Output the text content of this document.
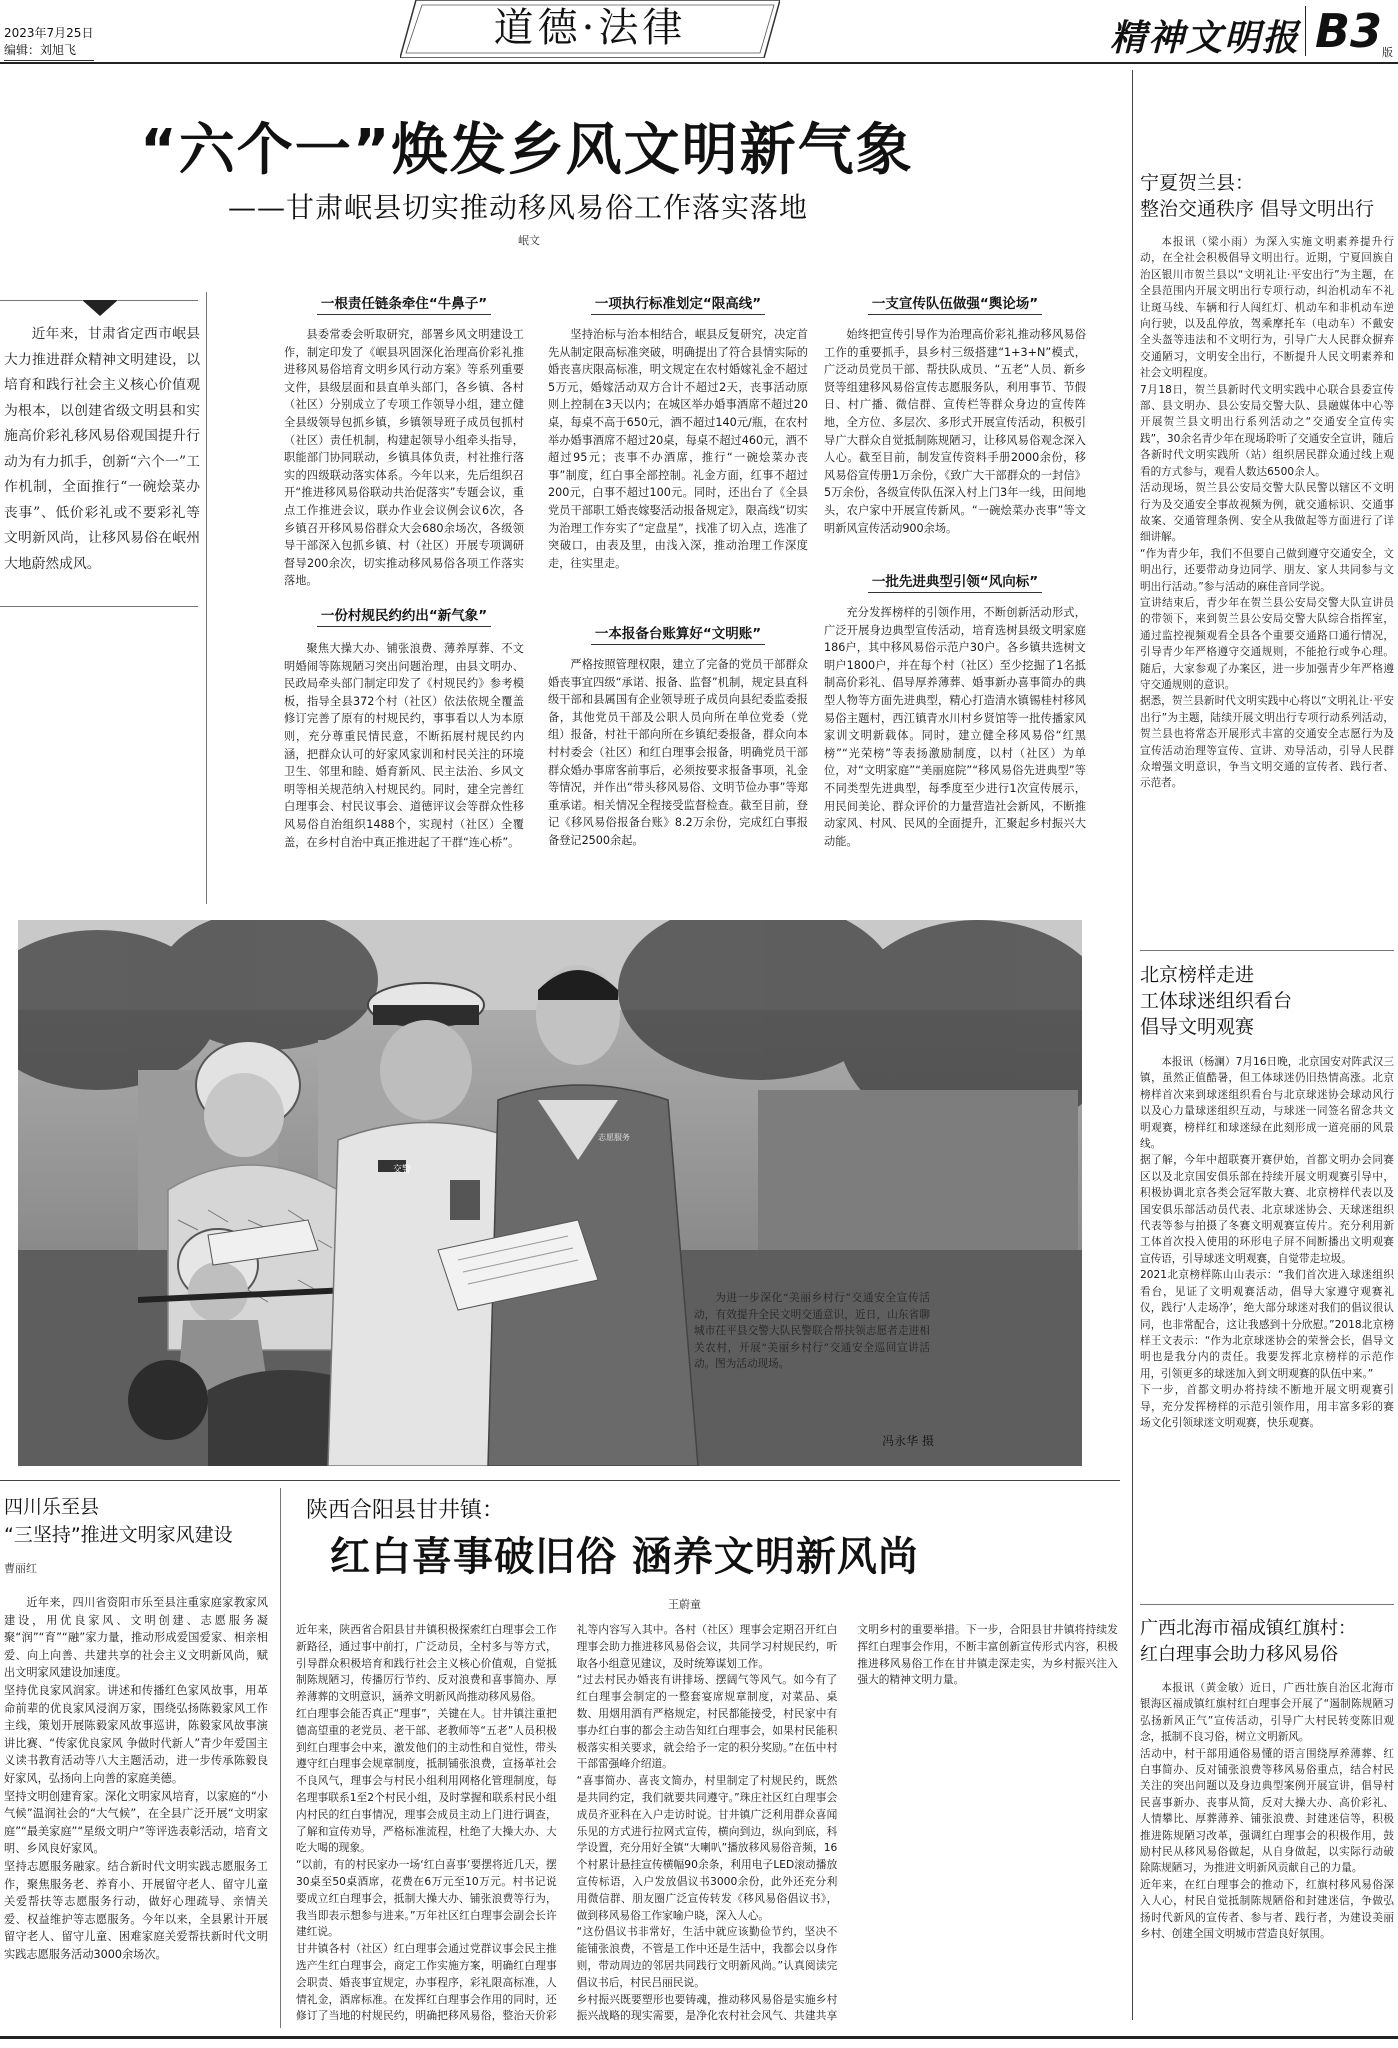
2023年7月25日
编辑：刘旭飞	道德·法律	精神文明报 B3 版
“六个一”焕发乡风文明新气象
——甘肃岷县切实推动移风易俗工作落实落地
岷文
近年来，甘肃省定西市岷县大力推进群众精神文明建设，以培育和践行社会主义核心价值观为根本，以创建省级文明县和实施高价彩礼移风易俗观国提升行动为有力抓手，创新“六个一”工作机制，全面推行“一碗烩菜办丧事”、低价彩礼或不要彩礼等文明新风尚，让移风易俗在岷州大地蔚然成风。
一根责任链条牵住“牛鼻子”

县委常委会听取研究，部署乡风文明建设工作，制定印发了《岷县巩固深化治理高价彩礼推进移风易俗培育文明乡风行动方案》等系列重要文件，县级层面和县直单头部门，各乡镇、各村（社区）分别成立了专项工作领导小组，建立健全县级领导包抓乡镇，乡镇领导班子成员包抓村（社区）责任机制，构建起领导小组牵头指导，职能部门协同联动，乡镇具体负责，村社推行落实的四级联动落实体系。今年以来，先后组织召开“推进移风易俗联动共治促落实”专题会议，重点工作推进会议，联办作业会议例会议6次，各乡镇召开移风易俗群众大会680余场次，各级领导干部深入包抓乡镇、村（社区）开展专项调研督导200余次，切实推动移风易俗各项工作落实落地。

一份村规民约约出“新气象”

聚焦大操大办、铺张浪费、薄养厚葬、不文明婚闹等陈规陋习突出问题治理，由县文明办、民政局牵头部门制定印发了《村规民约》参考模板，指导全县372个村（社区）依法依规全覆盖修订完善了原有的村规民约，事事看以人为本原则，充分尊重民情民意，不断拓展村规民约内涵，把群众认可的好家风家训和村民关注的环境卫生、邻里和睦、婚育新风、民主法治、乡风文明等相关规范纳入村规民约。同时，建全完善红白理事会、村民议事会、道德评议会等群众性移风易俗自治组织1488个，实现村（社区）全覆盖，在乡村自治中真正推进起了干群“连心桥”。

一项执行标准划定“限高线”

坚持治标与治本相结合，岷县反复研究，决定首先从制定限高标准突破，明确提出了符合县情实际的婚丧喜庆限高标准，明文规定在农村婚嫁礼金不超过5万元，婚嫁活动双方合计不超过2天，丧事活动原则上控制在3天以内；在城区举办婚事酒席不超过20桌，每桌不高于650元，酒不超过140元/瓶，在农村举办婚事酒席不超过20桌，每桌不超过460元，酒不超过95元；丧事不办酒席，推行“一碗烩菜办丧事”制度，红白事全部控制。礼金方面，红事不超过200元，白事不超过100元。同时，还出台了《全县党员干部职工婚丧嫁娶活动报备规定》，限高线“切实为治理工作夯实了“定盘星”，找准了切入点，选准了突破口，由表及里，由浅入深，推动治理工作深度走，往实里走。

一本报备台账算好“文明账”

严格按照管理权限，建立了完备的党员干部群众婚丧事宜四级“承诺、报备、监督”机制，规定县直科级干部和县属国有企业领导班子成员向县纪委监委报备，其他党员干部及公职人员向所在单位党委（党组）报备，村社干部向所在乡镇纪委报备，群众向本村村委会（社区）和红白理事会报备，明确党员干部群众婚办事席客前事后，必须按要求报备事项，礼金等情况，并作出“带头移风易俗、文明节俭办事”等郑重承诺。相关情况全程接受监督检查。截至目前，登记《移风易俗报备台账》8.2万余份，完成红白事报备登记2500余起。

一支宣传队伍做强“舆论场”

始终把宣传引导作为治理高价彩礼推动移风易俗工作的重要抓手，县乡村三级搭建“1+3+N”模式，广泛动员党员干部、帮扶队成员、“五老”人员、新乡贤等组建移风易俗宣传志愿服务队，利用事节、节假日、村广播、微信群、宣传栏等群众身边的宣传阵地，全方位、多层次、多形式开展宣传活动，积极引导广大群众自觉抵制陈规陋习，让移风易俗观念深入人心。截至目前，制发宣传资料手册2000余份，移风易俗宣传册1万余份，《致广大干部群众的一封信》5万余份，各级宣传队伍深入村上门3年一线，田间地头，农户家中开展宣传新风。“一碗烩菜办丧事”等文明新风宣传活动900余场。

一批先进典型引领“风向标”

充分发挥榜样的引领作用，不断创新活动形式，广泛开展身边典型宣传活动，培育选树县级文明家庭186户，其中移风易俗示范户30户。各乡镇共选树文明户1800户，并在每个村（社区）至少挖掘了1名抵制高价彩礼、倡导厚养薄葬、婚事新办喜事简办的典型人物等方面先进典型，精心打造清水镇锡桂村移风易俗主题村，西江镇青水川村乡贤馆等一批传播家风家训文明新载体。同时，建立健全移风易俗“红黑榜”“光荣榜”等表扬激励制度，以村（社区）为单位，对“文明家庭”“美丽庭院”“移风易俗先进典型”等不同类型先进典型，每季度至少进行1次宣传展示，用民间美论、群众评价的力量营造社会新风，不断推动家风、村风、民风的全面提升，汇聚起乡村振兴大动能。

交警
志愿服务
为进一步深化“美丽乡村行”交通安全宣传活动，有效提升全民文明交通意识，近日，山东省聊城市茌平县交警大队民警联合帮扶领志愿者走进相关农村，开展“美丽乡村行”交通安全巡回宣讲活动。图为活动现场。
冯永华 摄
四川乐至县
“三坚持”推进文明家风建设
曹丽红
近年来，四川省资阳市乐至县注重家庭家教家风建设，用优良家风、文明创建、志愿服务凝聚“润”“育”“融”家力量，推动形成爱国爱家、相亲相爱、向上向善、共建共享的社会主义文明新风尚，赋出文明家风建设加速度。
坚持优良家风润家。讲述和传播红色家风故事，用革命前辈的优良家风浸润万家，围绕弘扬陈毅家风工作主线，策划开展陈毅家风故事巡讲，陈毅家风故事演讲比赛、“传家优良家风 争做时代新人”青少年爱国主义读书教育活动等八大主题活动，进一步传承陈毅良好家风，弘扬向上向善的家庭美德。
坚持文明创建育家。深化文明家风培育，以家庭的“小气候”温润社会的“大气候”，在全县广泛开展“文明家庭”“最美家庭”“星级文明户”等评选表彰活动，培育文明、乡风良好家风。
坚持志愿服务融家。结合新时代文明实践志愿服务工作，聚焦服务老、养育小、开展留守老人、留守儿童关爱帮扶等志愿服务行动，做好心理疏导、亲情关爱、权益维护等志愿服务。今年以来，全县累计开展留守老人、留守儿童、困难家庭关爱帮扶新时代文明实践志愿服务活动3000余场次。
陕西合阳县甘井镇：
红白喜事破旧俗 涵养文明新风尚
王蔚童
近年来，陕西省合阳县甘井镇积极探索红白理事会工作新路径，通过事中前打，广泛动员，全村多与等方式，引导群众积极培育和践行社会主义核心价值观，自觉抵制陈规陋习，传播厉行节约、反对浪费和喜事简办、厚养薄葬的文明意识，涵养文明新风尚推动移风易俗。
红白理事会能否真正“理事”，关键在人。甘井镇注重把德高望重的老党员、老干部、老教师等“五老”人员积极到红白理事会中来，激发他们的主动性和自觉性，带头遵守红白理事会规章制度，抵制铺张浪费，宣扬革社会不良风气，理事会与村民小组利用网格化管理制度，每名理事联系1至2个村民小组，及时掌握和联系村民小组内村民的红白事情况，理事会成员主动上门进行调查，了解和宣传劝导，严格标准流程，杜绝了大操大办、大吃大喝的现象。
“以前，有的村民家办一场‘红白喜事’要摆将近几天，摆30桌至50桌酒席，花费在6万元至10万元。村书记说要成立红白理事会，抵制大操大办、铺张浪费等行为，我当即表示想参与进来。”万年社区红白理事会副会长许建红说。
甘井镇各村（社区）红白理事会通过党群议事会民主推选产生红白理事会，商定工作实施方案，明确红白理事会职责、婚丧事宜规定，办事程序，彩礼限高标准，人情礼金，酒席标准。在发挥红白理事会作用的同时，还修订了当地的村规民约，明确把移风易俗，整治天价彩礼等内容写入其中。各村（社区）理事会定期召开红白理事会助力推进移风易俗会议，共同学习村规民约，听取各小组意见建议，及时统筹谋划工作。
“过去村民办婚丧有讲排场、摆阔气等风气。如今有了红白理事会制定的一整套宴席规章制度，对菜品、桌数、用烟用酒有严格规定，村民都能接受，村民家中有事办红白事的都会主动告知红白理事会，如果村民能积极落实相关要求，就会给予一定的积分奖励。”在伍中村干部雷强峰介绍道。
“喜事简办、喜丧文简办，村里制定了村规民约，既然是共同约定，我们就要共同遵守。”珠庄社区红白理事会成员齐亚科在入户走访时说。甘井镇广泛利用群众喜闻乐见的方式进行拉网式宣传，横向到边，纵向到底，科学设置，充分用好全镇“大喇叭”播放移风易俗音频，16个村累计悬挂宣传横幅90余条，利用电子LED滚动播放宣传标语，入户发放倡议书3000余份，此外还充分利用微信群、朋友圈广泛宣传转发《移风易俗倡议书》，做到移风易俗工作家喻户晓，深入人心。
“这份倡议书非常好，生活中就应该勤俭节约，坚决不能铺张浪费，不管是工作中还是生活中，我都会以身作则，带动周边的邻居共同践行文明新风尚。”认真阅读完倡议书后，村民吕丽民说。
乡村振兴既要塑形也要铸魂，推动移风易俗是实施乡村振兴战略的现实需要，是净化农村社会风气、共建共享文明乡村的重要举措。下一步，合阳县甘井镇将持续发挥红白理事会作用，不断丰富创新宣传形式内容，积极推进移风易俗工作在甘井镇走深走实，为乡村振兴注入强大的精神文明力量。
宁夏贺兰县：
整治交通秩序 倡导文明出行
本报讯（梁小雨）为深入实施文明素养提升行动，在全社会积极倡导文明出行。近期，宁夏回族自治区银川市贺兰县以“文明礼让·平安出行”为主题，在全县范围内开展文明出行专项行动，纠治机动车不礼让斑马线、车辆和行人闯红灯、机动车和非机动车逆向行驶，以及乱停放，驾乘摩托车（电动车）不戴安全头盔等违法和不文明行为，引导广大人民群众摒弃交通陋习，文明安全出行，不断提升人民文明素养和社会文明程度。
7月18日，贺兰县新时代文明实践中心联合县委宣传部、县文明办、县公安局交警大队、县融媒体中心等开展贺兰县文明出行系列活动之“交通安全宣传实践”，30余名青少年在现场聆听了交通安全宣讲，随后各新时代文明实践所（站）组织居民群众通过线上观看的方式参与，观看人数达6500余人。
活动现场，贺兰县公安局交警大队民警以辖区不文明行为及交通安全事故视频为例，就交通标识、交通事故案、交通管理条例、安全从我做起等方面进行了详细讲解。
“作为青少年，我们不但要自己做到遵守交通安全，文明出行，还要带动身边同学、朋友、家人共同参与文明出行活动。”参与活动的麻佳音同学说。
宣讲结束后，青少年在贺兰县公安局交警大队宣讲员的带领下，来到贺兰县公安局交警大队综合指挥室，通过监控视频观看全县各个重要交通路口通行情况，引导青少年严格遵守交通规则，不能抢行或争心理。随后，大家参观了办案区，进一步加强青少年严格遵守交通规则的意识。
据悉，贺兰县新时代文明实践中心将以“文明礼让·平安出行”为主题，陆续开展文明出行专项行动系列活动，贺兰县也将常态开展形式丰富的交通安全志愿行为及宣传活动治理等宣传、宣讲、劝导活动，引导人民群众增强文明意识，争当文明交通的宣传者、践行者、示范者。
北京榜样走进
工体球迷组织看台
倡导文明观赛
本报讯（杨澜）7月16日晚，北京国安对阵武汉三镇，虽然正值酷暑，但工体球迷仍旧热情高涨。北京榜样首次来到球迷组织看台与北京球迷协会球动风行以及心力量球迷组织互动，与球迷一同签名留念共文明观赛，榜样红和球迷绿在此刻形成一道亮丽的风景线。
据了解，今年中超联赛开赛伊始，首都文明办会同赛区以及北京国安俱乐部在持续开展文明观赛引导中，积极协调北京各类会冠军散大赛、北京榜样代表以及国安俱乐部活动员代表、北京球迷协会、天球迷组织代表等参与拍摄了冬赛文明观赛宣传片。充分利用新工体首次投入使用的环形电子屏不间断播出文明观赛宣传语，引导球迷文明观赛，自觉带走垃圾。
2021北京榜样陈山山表示：“我们首次进入球迷组织看台，见证了文明观赛活动，倡导大家遵守观赛礼仪，践行‘人走场净’，绝大部分球迷对我们的倡议很认同，也非常配合，这让我感到十分欣慰。”2018北京榜样王文表示：“作为北京球迷协会的荣誉会长，倡导文明也是我分内的责任。我要发挥北京榜样的示范作用，引领更多的球迷加入到文明观赛的队伍中来。”
下一步，首都文明办将持续不断地开展文明观赛引导，充分发挥榜样的示范引领作用，用丰富多彩的赛场文化引领球迷文明观赛，快乐观赛。
广西北海市福成镇红旗村：
红白理事会助力移风易俗
本报讯（黄金敏）近日，广西壮族自治区北海市银海区福成镇红旗村红白理事会开展了“遏制陈规陋习 弘扬新风正气”宣传活动，引导广大村民转变陈旧观念，抵制不良习俗，树立文明新风。
活动中，村干部用通俗易懂的语言围绕厚养薄葬、红白事简办、反对铺张浪费等移风易俗重点，结合村民关注的突出问题以及身边典型案例开展宣讲，倡导村民喜事新办、丧事从简，反对大操大办、高价彩礼、人情攀比、厚葬薄养、铺张浪费、封建迷信等，积极推进陈规陋习改革，强调红白理事会的积极作用，鼓励村民从移风易俗做起，从自身做起，以实际行动破除陈规陋习，为推进文明新风贡献自己的力量。
近年来，在红白理事会的推动下，红旗村移风易俗深入人心，村民自觉抵制陈规陋俗和封建迷信，争做弘扬时代新风的宣传者、参与者、践行者，为建设美丽乡村、创建全国文明城市营造良好氛围。
